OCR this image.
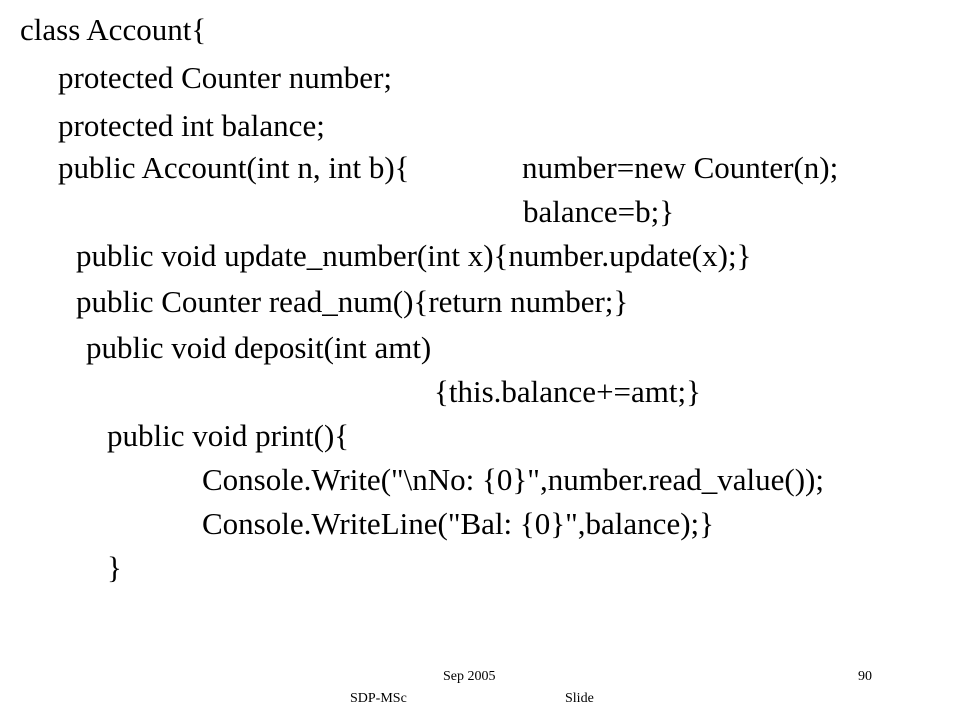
class Account{

protected Counter number;

protected int balance;

public Account(int n, int b){	number=new Counter(n);

balance=b;}

public void update_number(int x){number.update(x);}

public Counter read_num(){return number;}

public void deposit(int amt)

{this.balance+=amt;}

public void print(){

Console.Write("\nNo: {0}",number.read_value());

Console.WriteLine("Bal: {0}",balance);}

}

Sep 2005
SDP-MSc	Slide
90
